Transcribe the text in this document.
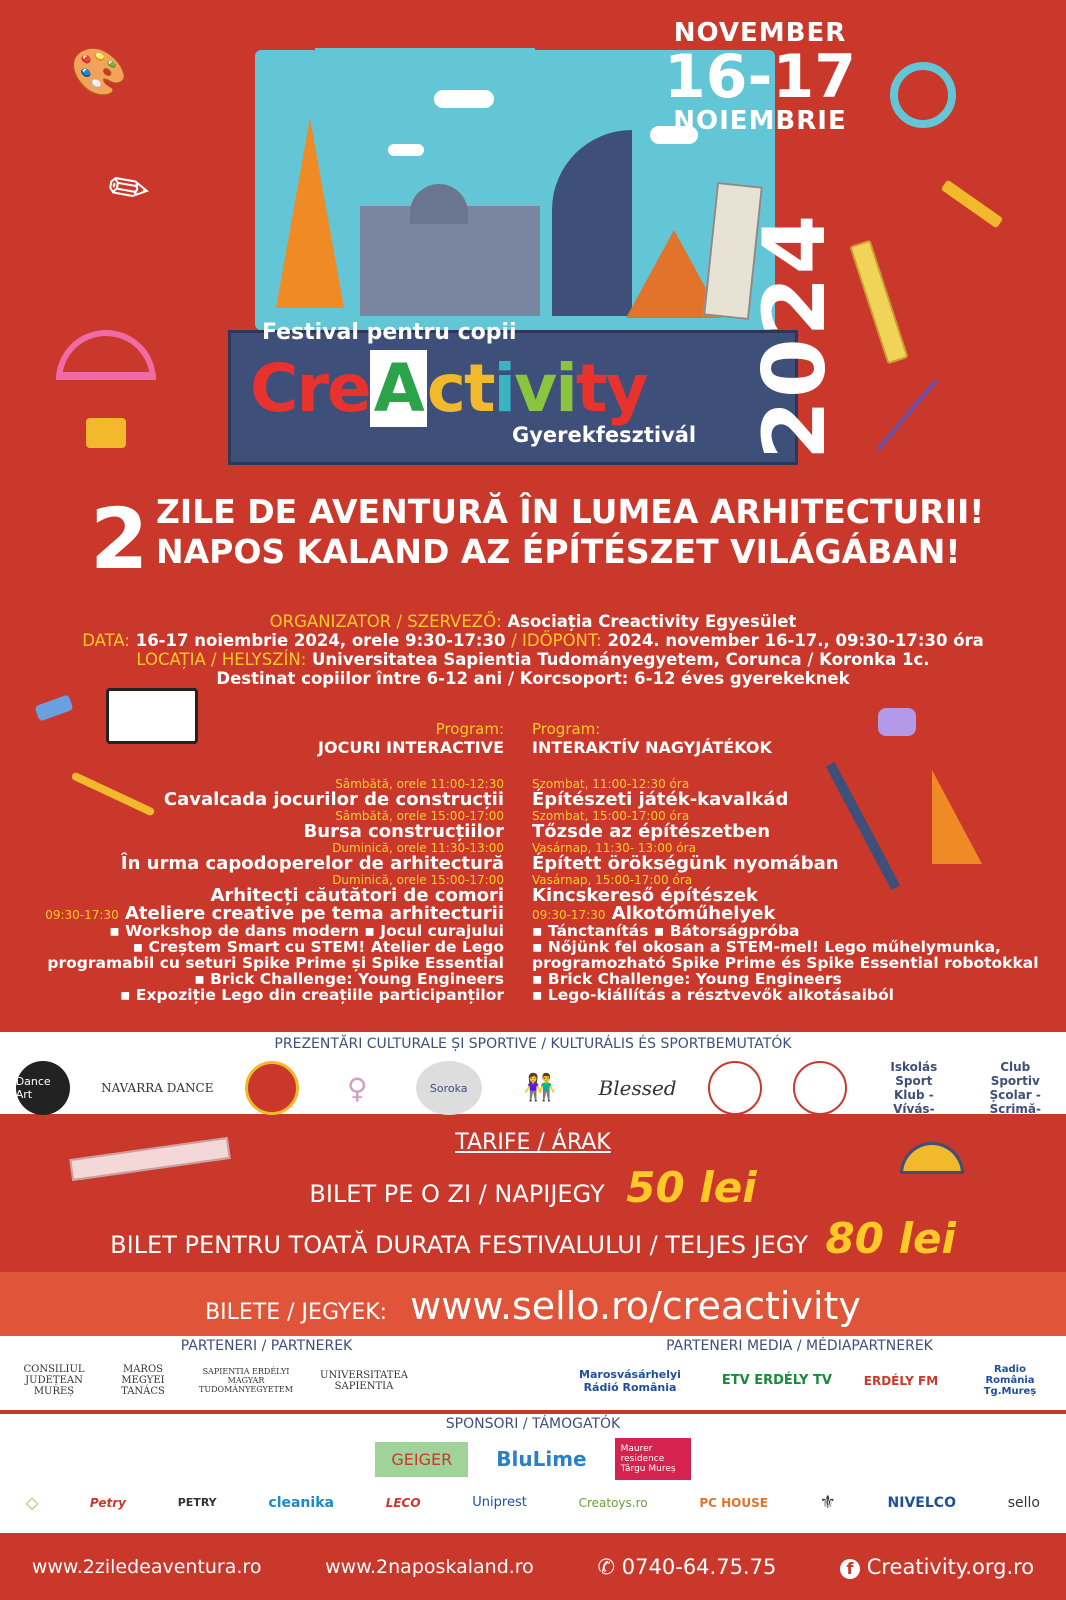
🎨
✏
NOVEMBER
16-17
NOIEMBRIE
Festival pentru copii
CreActivity
Gyerekfesztivál 2024
2 ZILE DE AVENTURĂ ÎN LUMEA ARHITECTURII!
NAPOS KALAND AZ ÉPÍTÉSZET VILÁGÁBAN!
ORGANIZATOR / SZERVEZŐ: Asociația Creactivity Egyesület
DATA: 16-17 noiembrie 2024, orele 9:30-17:30 / IDŐPONT: 2024. november 16-17., 09:30-17:30 óra
LOCAȚIA / HELYSZÍN: Universitatea Sapientia Tudományegyetem, Corunca / Koronka 1c.
Destinat copiilor între 6-12 ani / Korcsoport: 6-12 éves gyerekeknek
Program:
JOCURI INTERACTIVE
Sâmbătă, orele 11:00-12:30
Cavalcada jocurilor de construcții
Sâmbătă, orele 15:00-17:00
Bursa construcțiilor
Duminică, orele 11:30-13:00
În urma capodoperelor de arhitectură
Duminică, orele 15:00-17:00
Arhitecți căutători de comori
09:30-17:30 Ateliere creative pe tema arhitecturii
▪ Workshop de dans modern ▪ Jocul curajului
▪ Creștem Smart cu STEM! Atelier de Lego
programabil cu seturi Spike Prime și Spike Essential
▪ Brick Challenge: Young Engineers
▪ Expoziție Lego din creațiile participanților
Program:
INTERAKTÍV NAGYJÁTÉKOK
Szombat, 11:00-12:30 óra
Építészeti játék-kavalkád
Szombat, 15:00-17:00 óra
Tőzsde az építészetben
Vasárnap, 11:30- 13:00 óra
Épített örökségünk nyomában
Vasárnap, 15:00-17:00 óra
Kincskereső építészek
09:30-17:30 Alkotóműhelyek
▪ Tánctanítás ▪ Bátorságpróba
▪ Nőjünk fel okosan a STEM-mel! Lego műhelymunka,
programozható Spike Prime és Spike Essential robotokkal
▪ Brick Challenge: Young Engineers
▪ Lego-kiállítás a résztvevők alkotásaiból
PREZENTĂRI CULTURALE ȘI SPORTIVE / KULTURÁLIS ÉS SPORTBEMUTATÓK
Dance Art	NAVARRA DANCE	♀	Soroka	👫	Blessed
Iskolás Sport Klub -Vívás-
Club Sportiv Școlar -Scrimă-
TARIFE / ÁRAK
BILET PE O ZI / NAPIJEGY 50 lei
BILET PENTRU TOATĂ DURATA FESTIVALULUI / TELJES JEGY 80 lei
BILETE / JEGYEK: www.sello.ro/creactivity
PARTENERI / PARTNEREK	PARTENERI MEDIA / MÉDIAPARTNEREK
CONSILIUL JUDEȚEAN MUREȘ
MAROS MEGYEI TANÁCS
SAPIENTIA ERDÉLYI MAGYAR TUDOMÁNYEGYETEM
UNIVERSITATEA SAPIENTIA
Marosvásárhelyi Rádió România	ETV ERDÉLY TV	ERDÉLY FM
Radio România Tg.Mureș
SPONSORI / TÁMOGATÓK
GEIGER	BluLime	Maurer residence Târgu Mureș
◇	Petry	PETRY	cleanika	LECO	Uniprest	Creatoys.ro	PC HOUSE	⚜	NIVELCO	sello
www.2ziledeaventura.ro	www.2naposkaland.ro	✆ 0740-64.75.75	f Creativity.org.ro
